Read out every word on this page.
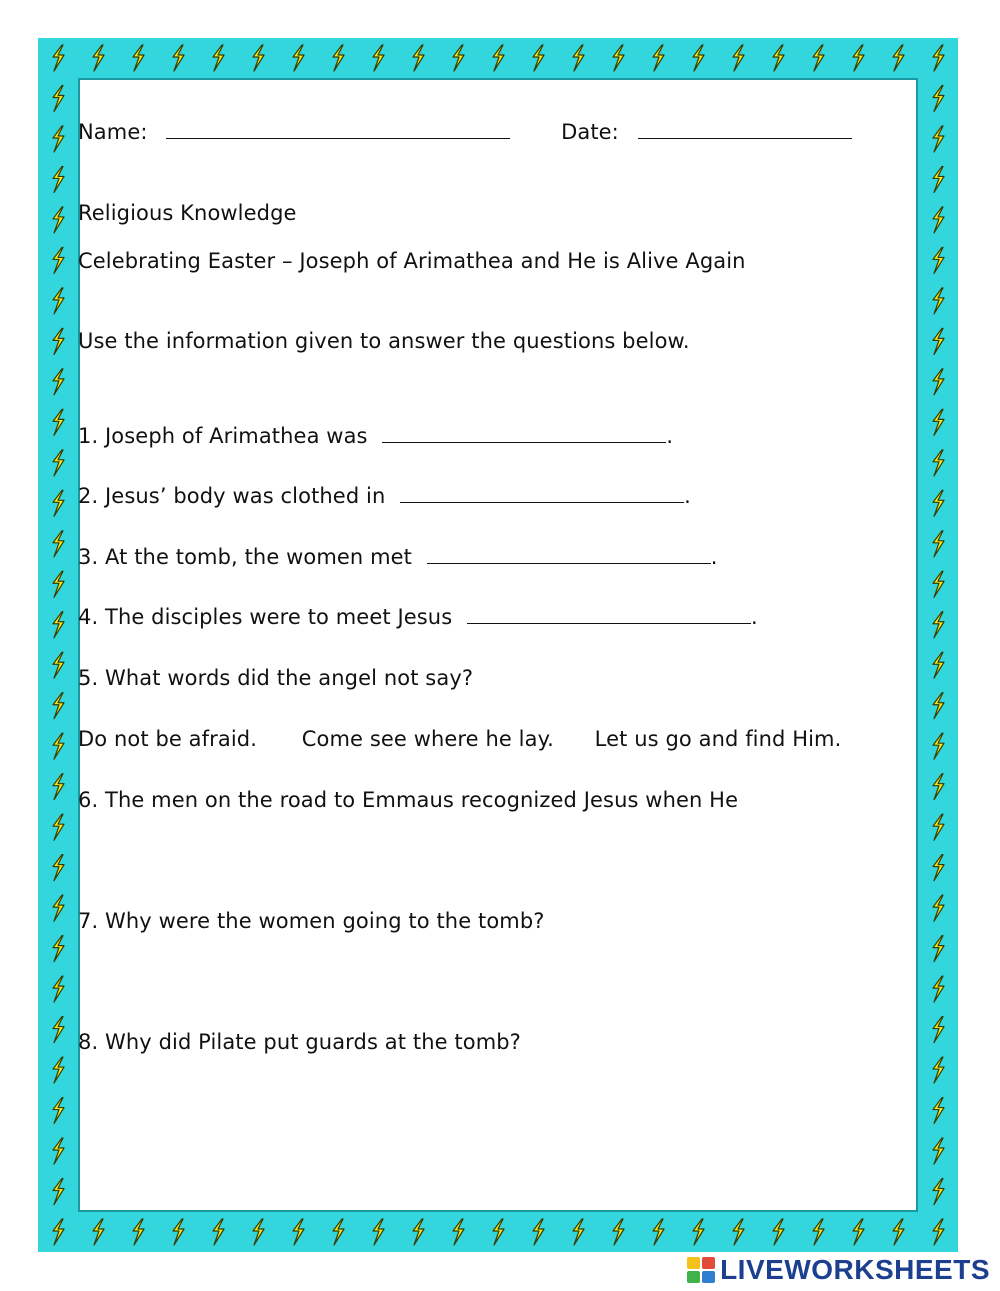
Name:	Date:
Religious Knowledge
Celebrating Easter – Joseph of Arimathea and He is Alive Again
Use the information given to answer the questions below.
1. Joseph of Arimathea was	.
2. Jesus’ body was clothed in	.
3. At the tomb, the women met	.
4. The disciples were to meet Jesus	.
5. What words did the angel not say?
Do not be afraid. Come see where he lay. Let us go and find Him.
6. The men on the road to Emmaus recognized Jesus when He
7. Why were the women going to the tomb?
8. Why did Pilate put guards at the tomb?
LIVEWORKSHEETS
